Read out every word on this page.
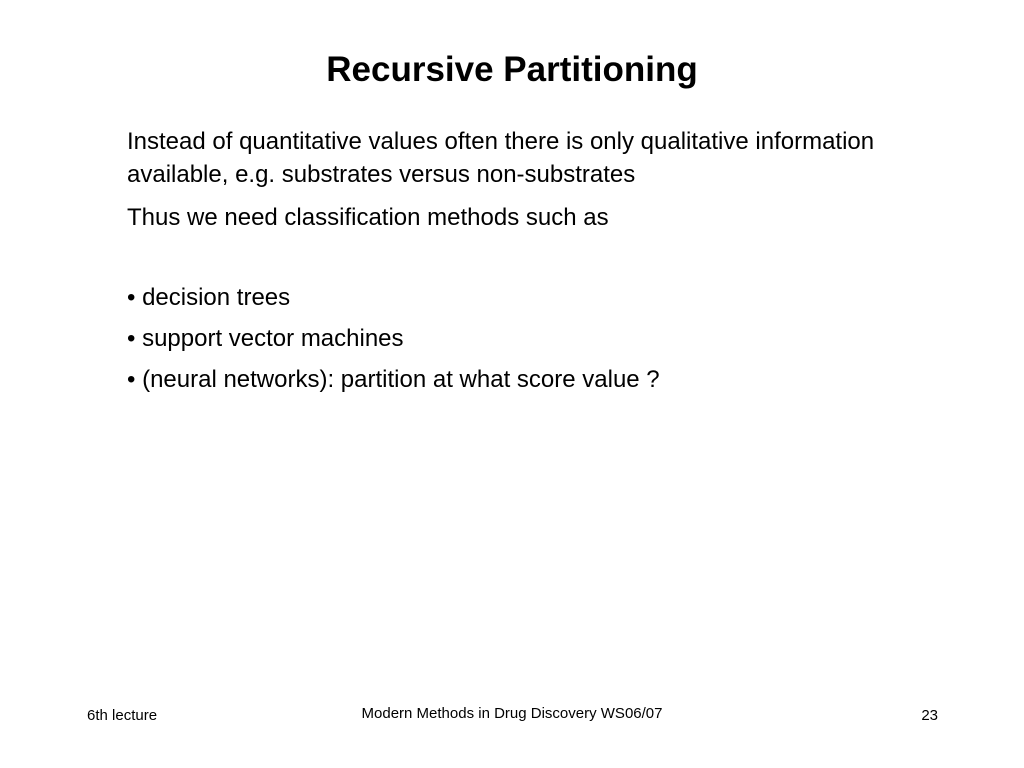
Recursive Partitioning

Instead of quantitative values often there is only qualitative information available, e.g. substrates versus non-substrates

Thus we need classification methods such as

• decision trees

• support vector machines

• (neural networks): partition at what score value ?

6th lecture	Modern Methods in Drug Discovery WS06/07	23
